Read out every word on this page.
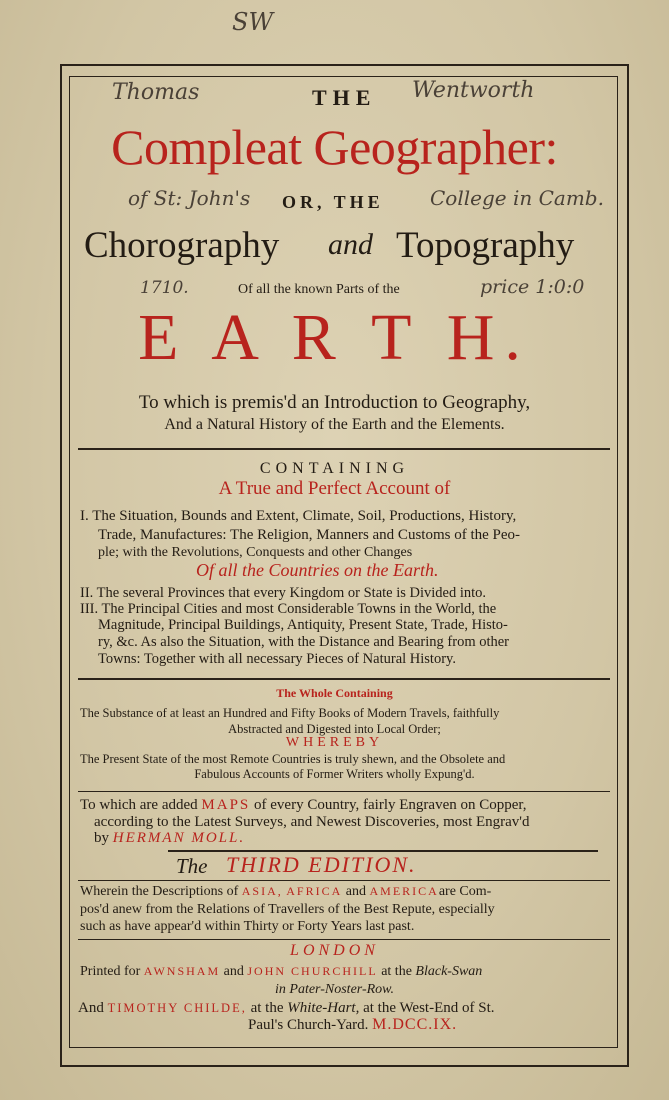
SW
Thomas	Wentworth
of St: John's	College in Camb.
1710.	price 1:0:0
THE
Compleat Geographer:
OR, THE
Chorography and Topography
Of all the known Parts of the
E A R T H.
To which is premis'd an Introduction to Geography,
And a Natural History of the Earth and the Elements.
CONTAINING
A True and Perfect Account of
I. The Situation, Bounds and Extent, Climate, Soil, Productions, History,
Trade, Manufactures: The Religion, Manners and Customs of the Peo-
ple; with the Revolutions, Conquests and other Changes
Of all the Countries on the Earth.
II. The several Provinces that every Kingdom or State is Divided into.
III. The Principal Cities and most Considerable Towns in the World, the
Magnitude, Principal Buildings, Antiquity, Present State, Trade, Histo-
ry, &c. As also the Situation, with the Distance and Bearing from other
Towns: Together with all necessary Pieces of Natural History.
The Whole Containing
The Substance of at least an Hundred and Fifty Books of Modern Travels, faithfully
Abstracted and Digested into Local Order;
WHEREBY
The Present State of the most Remote Countries is truly shewn, and the Obsolete and
Fabulous Accounts of Former Writers wholly Expung'd.
To which are added MAPS of every Country, fairly Engraven on Copper,
according to the Latest Surveys, and Newest Discoveries, most Engrav'd
by HERMAN MOLL.
The THIRD EDITION.
Wherein the Descriptions of ASIA, AFRICA and AMERICAare Com-
pos'd anew from the Relations of Travellers of the Best Repute, especially
such as have appear'd within Thirty or Forty Years last past.
LONDON
Printed for AWNSHAM and JOHN CHURCHILL at the Black-Swan
in Pater-Noster-Row.
And TIMOTHY CHILDE, at the White-Hart, at the West-End of St.
Paul's Church-Yard. M.DCC.IX.
